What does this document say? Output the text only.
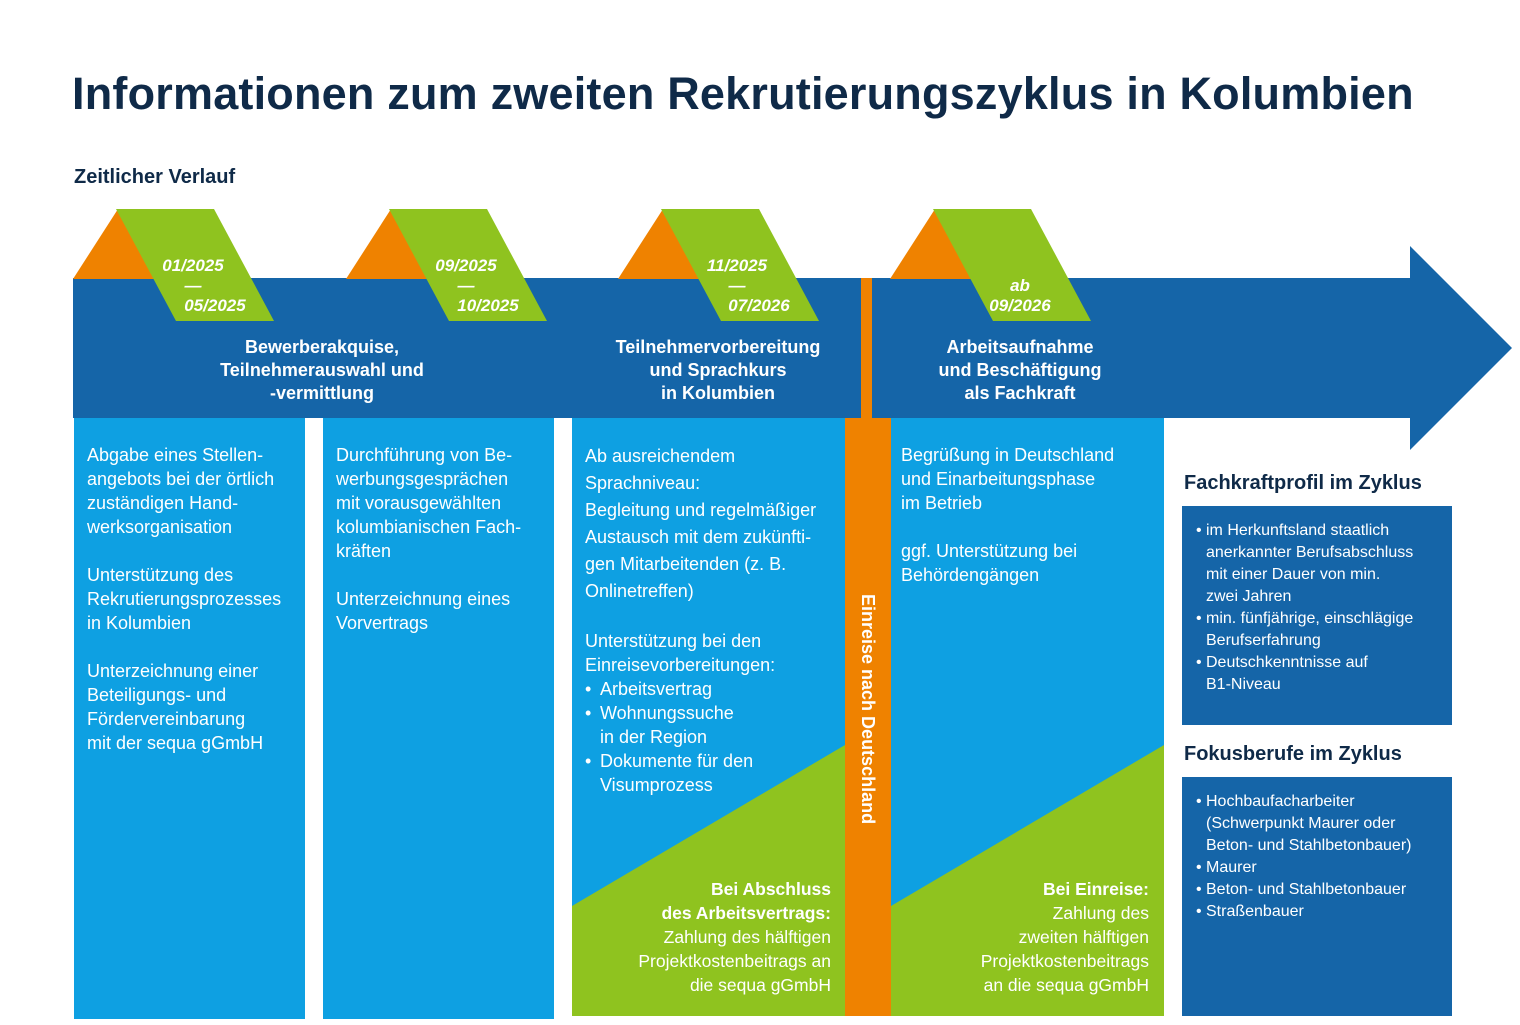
Informationen zum zweiten Rekrutierungszyklus in Kolumbien
Zeitlicher Verlauf
01/2025
—
05/2025
09/2025
—
10/2025
11/2025
—
07/2026
ab
09/2026
Bewerberakquise,
Teilnehmerauswahl und
-vermittlung
Teilnehmervorbereitung
und Sprachkurs
in Kolumbien
Arbeitsaufnahme
und Beschäftigung
als Fachkraft

Abgabe eines Stellen-
angebots bei der örtlich
zuständigen Hand-
werksorganisation

Unterstützung des
Rekrutierungsprozesses
in Kolumbien

Unterzeichnung einer
Beteiligungs- und
Fördervereinbarung
mit der sequa gGmbH

Durchführung von Be-
werbungsgesprächen
mit vorausgewählten
kolumbianischen Fach-
kräften

Unterzeichnung eines
Vorvertrags

Ab ausreichendem
Sprachniveau:

Begleitung und regelmäßiger
Austausch mit dem zukünfti-
gen Mitarbeitenden (z. B.
Onlinetreffen)

Unterstützung bei den
Einreisevorbereitungen:

• Arbeitsvertrag
• Wohnungssuche
in der Region
• Dokumente für den
Visumprozess
Bei Abschluss
des Arbeitsvertrags:
Zahlung des hälftigen
Projektkostenbeitrags an
die sequa gGmbH
Einreise nach Deutschland

Begrüßung in Deutschland
und Einarbeitungsphase
im Betrieb

ggf. Unterstützung bei
Behördengängen

Bei Einreise:
Zahlung des
zweiten hälftigen
Projektkostenbeitrags
an die sequa gGmbH
Fachkraftprofil im Zyklus
• im Herkunftsland staatlich
anerkannter Berufsabschluss
mit einer Dauer von min.
zwei Jahren
• min. fünfjährige, einschlägige
Berufserfahrung
• Deutschkenntnisse auf
B1-Niveau
Fokusberufe im Zyklus
• Hochbaufacharbeiter
(Schwerpunkt Maurer oder
Beton- und Stahlbetonbauer)
• Maurer
• Beton- und Stahlbetonbauer
• Straßenbauer
